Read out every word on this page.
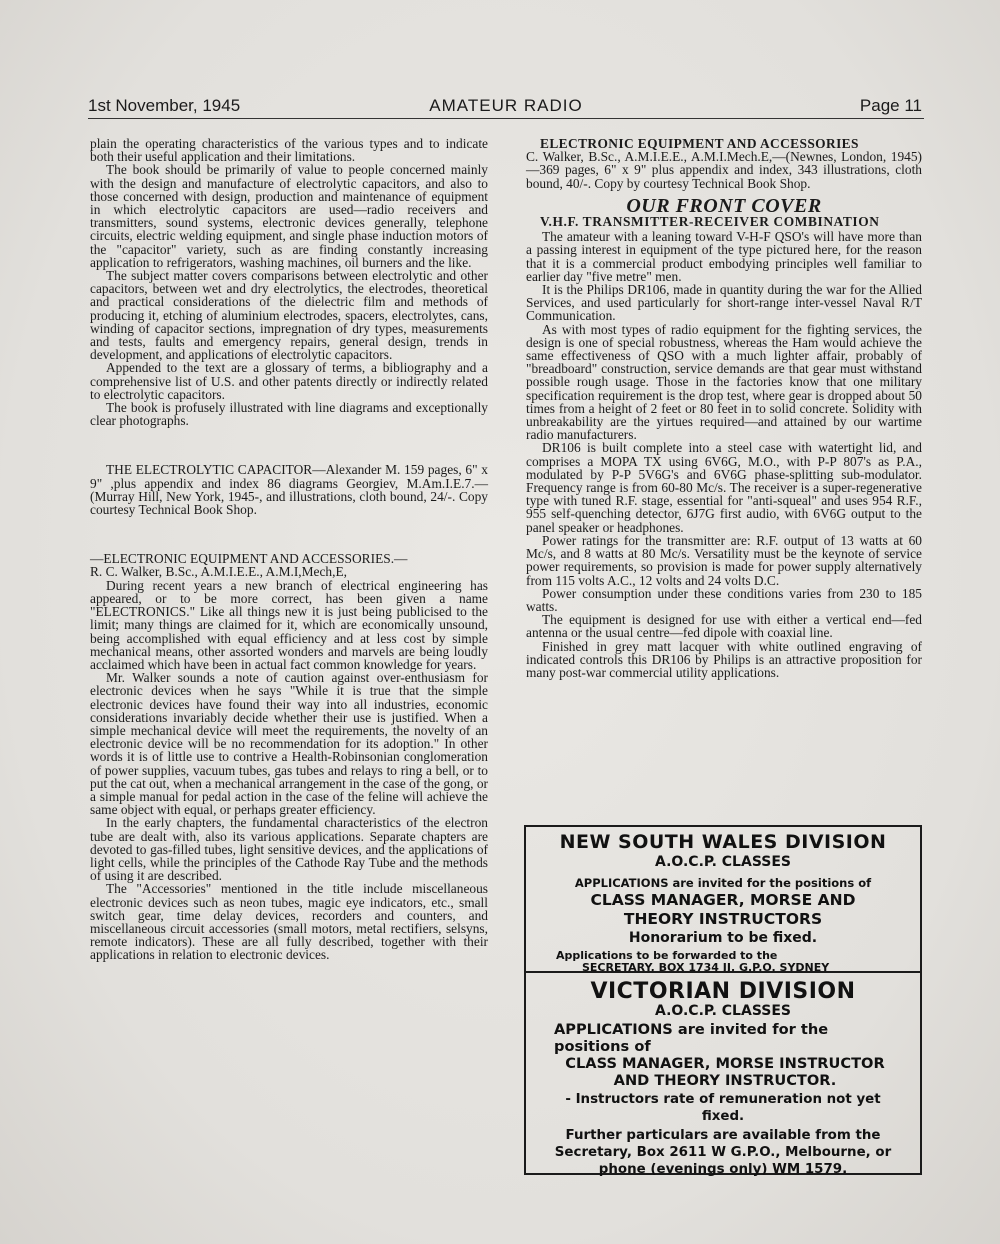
1st November, 1945	AMATEUR RADIO	Page 11

plain the operating characteristics of the various types and to indicate both their useful application and their limitations.

The book should be primarily of value to people concerned mainly with the design and manufacture of electrolytic capacitors, and also to those concerned with design, production and maintenance of equipment in which electrolytic capacitors are used—radio receivers and transmitters, sound systems, electronic devices generally, telephone circuits, electric welding equipment, and single phase induction motors of the "capacitor" variety, such as are finding constantly increasing application to refrigerators, washing machines, oil burners and the like.

The subject matter covers comparisons between electrolytic and other capacitors, between wet and dry electrolytics, the electrodes, theoretical and practical considerations of the dielectric film and methods of producing it, etching of aluminium electrodes, spacers, electrolytes, cans, winding of capacitor sections, impregnation of dry types, measurements and tests, faults and emergency repairs, general design, trends in development, and applications of electrolytic capacitors.

Appended to the text are a glossary of terms, a bibliography and a comprehensive list of U.S. and other patents directly or indirectly related to electrolytic capacitors.

The book is profusely illustrated with line diagrams and exceptionally clear photographs.

THE ELECTROLYTIC CAPACITOR—Alexander M. 159 pages, 6" x 9" ,plus appendix and index 86 diagrams Georgiev, M.Am.I.E.7.—(Murray Hill, New York, 1945-, and illustrations, cloth bound, 24/-. Copy courtesy Technical Book Shop.

—ELECTRONIC EQUIPMENT AND ACCESSORIES.—

R. C. Walker, B.Sc., A.M.I.E.E., A.M.I,Mech,E,

During recent years a new branch of electrical engineering has appeared, or to be more correct, has been given a name "ELECTRONICS." Like all things new it is just being publicised to the limit; many things are claimed for it, which are economically unsound, being accomplished with equal efficiency and at less cost by simple mechanical means, other assorted wonders and marvels are being loudly acclaimed which have been in actual fact common knowledge for years.

Mr. Walker sounds a note of caution against over-enthusiasm for electronic devices when he says "While it is true that the simple electronic devices have found their way into all industries, economic considerations invariably decide whether their use is justified. When a simple mechanical device will meet the requirements, the novelty of an electronic device will be no recommendation for its adoption." In other words it is of little use to contrive a Health-Robinsonian conglomeration of power supplies, vacuum tubes, gas tubes and relays to ring a bell, or to put the cat out, when a mechanical arrangement in the case of the gong, or a simple manual for pedal action in the case of the feline will achieve the same object with equal, or perhaps greater efficiency.

In the early chapters, the fundamental characteristics of the electron tube are dealt with, also its various applications. Separate chapters are devoted to gas-filled tubes, light sensitive devices, and the applications of light cells, while the principles of the Cathode Ray Tube and the methods of using it are described.

The "Accessories" mentioned in the title include miscellaneous electronic devices such as neon tubes, magic eye indicators, etc., small switch gear, time delay devices, recorders and counters, and miscellaneous circuit accessories (small motors, metal rectifiers, selsyns, remote indicators). These are all fully described, together with their applications in relation to electronic devices.

ELECTRONIC EQUIPMENT AND ACCESSORIES

C. Walker, B.Sc., A.M.I.E.E., A.M.I.Mech.E,—(Newnes, London, 1945)—369 pages, 6" x 9" plus appendix and index, 343 illustrations, cloth bound, 40/-. Copy by courtesy Technical Book Shop.

OUR FRONT COVER
V.H.F. TRANSMITTER-RECEIVER COMBINATION

The amateur with a leaning toward V-H-F QSO's will have more than a passing interest in equipment of the type pictured here, for the reason that it is a commercial product embodying principles well familiar to earlier day "five metre" men.

It is the Philips DR106, made in quantity during the war for the Allied Services, and used particularly for short-range inter-vessel Naval R/T Communication.

As with most types of radio equipment for the fighting services, the design is one of special robustness, whereas the Ham would achieve the same effectiveness of QSO with a much lighter affair, probably of "breadboard" construction, service demands are that gear must withstand possible rough usage. Those in the factories know that one military specification requirement is the drop test, where gear is dropped about 50 times from a height of 2 feet or 80 feet in to solid concrete. Solidity with unbreakability are the yirtues required—and attained by our wartime radio manufacturers.

DR106 is built complete into a steel case with watertight lid, and comprises a MOPA TX using 6V6G, M.O., with P-P 807's as P.A., modulated by P-P 5V6G's and 6V6G phase-splitting sub-modulator. Frequency range is from 60-80 Mc/s. The receiver is a super-regenerative type with tuned R.F. stage, essential for "anti-squeal" and uses 954 R.F., 955 self-quenching detector, 6J7G first audio, with 6V6G output to the panel speaker or headphones.

Power ratings for the transmitter are: R.F. output of 13 watts at 60 Mc/s, and 8 watts at 80 Mc/s. Versatility must be the keynote of service power requirements, so provision is made for power supply alternatively from 115 volts A.C., 12 volts and 24 volts D.C.

Power consumption under these conditions varies from 230 to 185 watts.

The equipment is designed for use with either a vertical end—fed antenna or the usual centre—fed dipole with coaxial line.

Finished in grey matt lacquer with white outlined engraving of indicated controls this DR106 by Philips is an attractive proposition for many post-war commercial utility applications.

NEW SOUTH WALES DIVISION
A.O.C.P. CLASSES
APPLICATIONS are invited for the positions of
CLASS MANAGER, MORSE AND
THEORY INSTRUCTORS
Honorarium to be fixed.
Applications to be forwarded to the
SECRETARY, BOX 1734 JJ, G.P.O. SYDNEY
VICTORIAN DIVISION
A.O.C.P. CLASSES
APPLICATIONS are invited for the positions of
CLASS MANAGER, MORSE INSTRUCTOR
AND THEORY INSTRUCTOR.
- Instructors rate of remuneration not yet fixed.
Further particulars are available from the Secretary, Box 2611 W G.P.O., Melbourne, or phone (evenings only) WM 1579.
